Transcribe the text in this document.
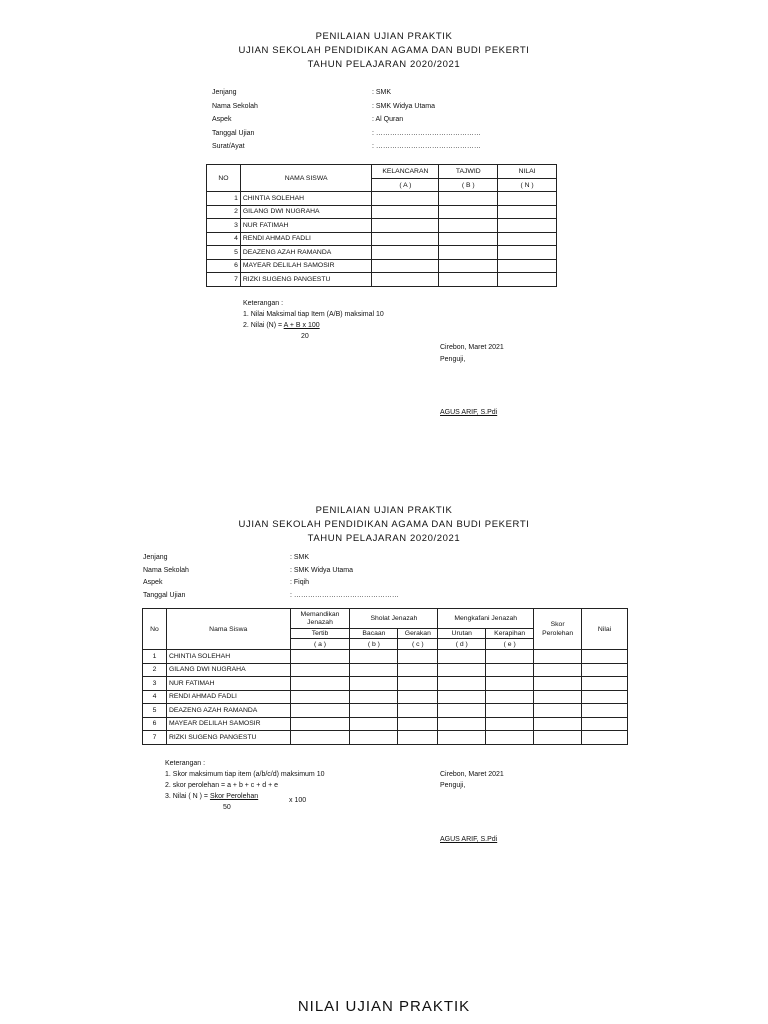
PENILAIAN UJIAN PRAKTIK
UJIAN SEKOLAH PENDIDIKAN AGAMA DAN BUDI PEKERTI
TAHUN PELAJARAN 2020/2021
Jenjang	: SMK
Nama Sekolah	: SMK Widya Utama
Aspek	: Al Quran
Tanggal Ujian	: ………………………………………
Surat/Ayat	: ………………………………………
NO	NAMA SISWA	KELANCARAN	TAJWID	NILAI
		( A )	( B )	( N )
1	CHINTIA SOLEHAH			
2	GILANG DWI NUGRAHA			
3	NUR FATIMAH			
4	RENDI AHMAD FADLI			
5	DEAZENG AZAH RAMANDA			
6	MAYEAR DELILAH SAMOSIR			
7	RIZKI SUGENG PANGESTU			
Keterangan :
1. Nilai Maksimal tiap Item (A/B) maksimal 10
2. Nilai (N) = A + B x 100
20
Cirebon, Maret 2021
Penguji,
AGUS ARIF, S.Pdi
PENILAIAN UJIAN PRAKTIK
UJIAN SEKOLAH PENDIDIKAN AGAMA DAN BUDI PEKERTI
TAHUN PELAJARAN 2020/2021
Jenjang	: SMK
Nama Sekolah	: SMK Widya Utama
Aspek	: Fiqih
Tanggal Ujian	: ………………………………………
No	Nama Siswa	Memandikan Jenazah	Sholat Jenazah		Mengkafani Jenazah		Skor Perolehan	Nilai
		Tertib	Bacaan	Gerakan	Urutan	Kerapihan		
		( a )	( b )	( c )	( d )	( e )		
1	CHINTIA SOLEHAH							
2	GILANG DWI NUGRAHA							
3	NUR FATIMAH							
4	RENDI AHMAD FADLI							
5	DEAZENG AZAH RAMANDA							
6	MAYEAR DELILAH SAMOSIR							
7	RIZKI SUGENG PANGESTU							
Keterangan :
1. Skor maksimum tiap item (a/b/c/d) maksimum 10
2. skor perolehan = a + b + c + d + e
3. Nilai ( N ) = Skor Perolehan
x 100
50
Cirebon, Maret 2021
Penguji,
AGUS ARIF, S.Pdi
NILAI UJIAN PRAKTIK
